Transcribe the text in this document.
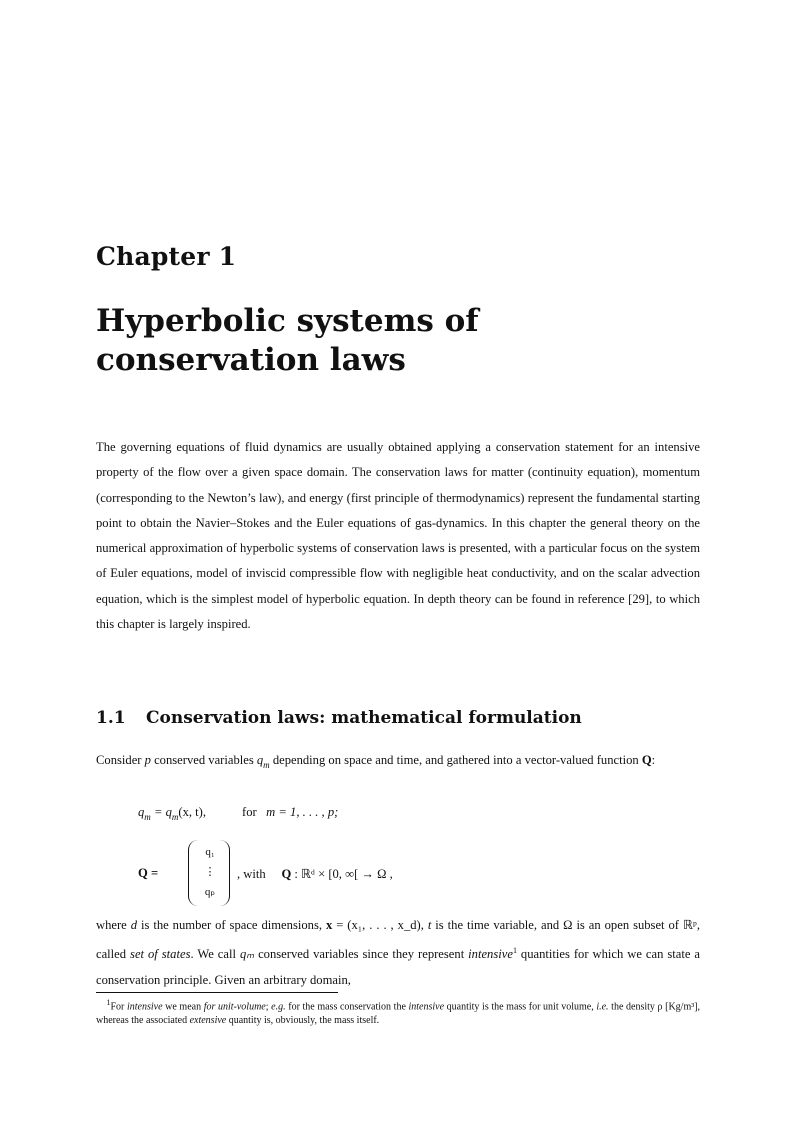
Chapter 1
Hyperbolic systems of conservation laws

The governing equations of fluid dynamics are usually obtained applying a conservation statement for an intensive property of the flow over a given space domain. The conservation laws for matter (continuity equation), momentum (corresponding to the Newton’s law), and energy (first principle of thermodynamics) represent the fundamental starting point to obtain the Navier–Stokes and the Euler equations of gas-dynamics. In this chapter the general theory on the numerical approximation of hyperbolic systems of conservation laws is presented, with a particular focus on the system of Euler equations, model of inviscid compressible flow with negligible heat conductivity, and on the scalar advection equation, which is the simplest model of hyperbolic equation. In depth theory can be found in reference [29], to which this chapter is largely inspired.

1.1 Conservation laws: mathematical formulation

Consider p conserved variables $q_m$ depending on space and time, and gathered into a vector-valued function Q:

$q_m = q_m(x$, t),	for m = 1, . . . , p;
Q =
q₁
⋮
qₚ
, with Q : ℝᵈ × [0, ∞[ → Ω ,

where d is the number of space dimensions, x = (x₁, . . . , x_d), t is the time variable, and Ω is an open subset of ℝᵖ, called set of states. We call qₘ conserved variables since they represent intensive$^1$ quantities for which we can state a conservation principle. Given an arbitrary domain,

$^1$For intensive we mean for unit-volume; e.g. for the mass conservation the intensive quantity is the mass for unit volume, i.e. the density ρ [Kg/m³], whereas the associated extensive quantity is, obviously, the mass itself.
